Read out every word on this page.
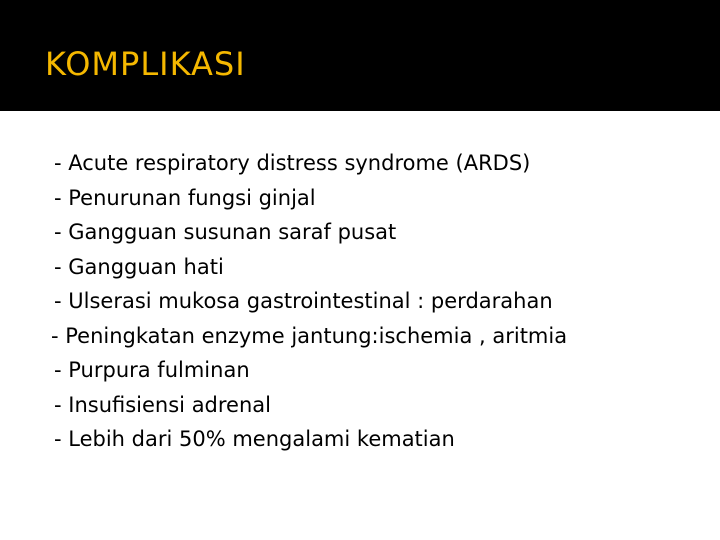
KOMPLIKASI
- Acute respiratory distress syndrome (ARDS)
- Penurunan fungsi ginjal
- Gangguan susunan saraf pusat
- Gangguan hati
- Ulserasi mukosa gastrointestinal : perdarahan
- Peningkatan enzyme jantung:ischemia , aritmia
- Purpura fulminan
- Insufisiensi adrenal
- Lebih dari 50% mengalami kematian
